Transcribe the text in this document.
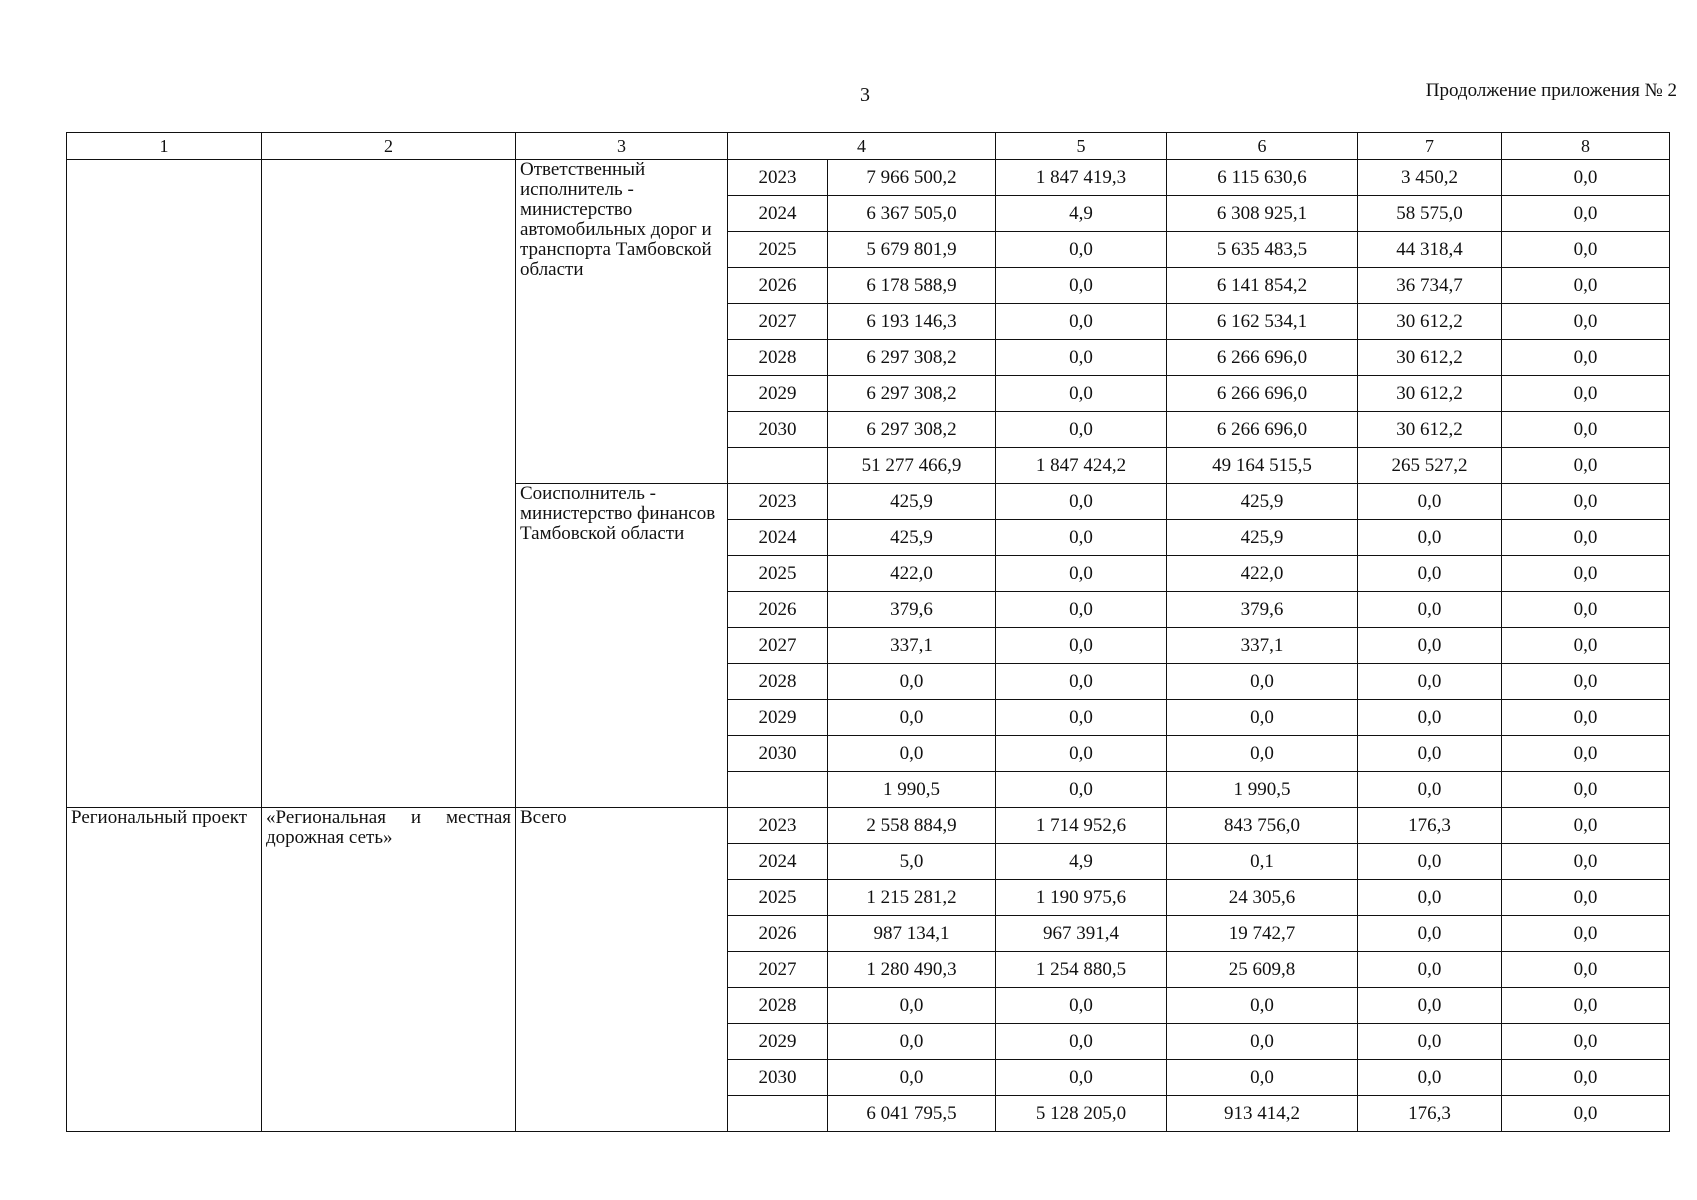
3	Продолжение приложения № 2
1	2	3	4		5	6	7	8
		Ответственный исполнитель - министерство автомобильных дорог и транспорта Тамбовской области	2023	7 966 500,2	1 847 419,3	6 115 630,6	3 450,2	0,0
			2024	6 367 505,0	4,9	6 308 925,1	58 575,0	0,0
			2025	5 679 801,9	0,0	5 635 483,5	44 318,4	0,0
			2026	6 178 588,9	0,0	6 141 854,2	36 734,7	0,0
			2027	6 193 146,3	0,0	6 162 534,1	30 612,2	0,0
			2028	6 297 308,2	0,0	6 266 696,0	30 612,2	0,0
			2029	6 297 308,2	0,0	6 266 696,0	30 612,2	0,0
			2030	6 297 308,2	0,0	6 266 696,0	30 612,2	0,0
				51 277 466,9	1 847 424,2	49 164 515,5	265 527,2	0,0
		Соисполнитель - министерство финансов Тамбовской области	2023	425,9	0,0	425,9	0,0	0,0
			2024	425,9	0,0	425,9	0,0	0,0
			2025	422,0	0,0	422,0	0,0	0,0
			2026	379,6	0,0	379,6	0,0	0,0
			2027	337,1	0,0	337,1	0,0	0,0
			2028	0,0	0,0	0,0	0,0	0,0
			2029	0,0	0,0	0,0	0,0	0,0
			2030	0,0	0,0	0,0	0,0	0,0
				1 990,5	0,0	1 990,5	0,0	0,0
Региональный проект	«Региональная и местная дорожная сеть»	Всего	2023	2 558 884,9	1 714 952,6	843 756,0	176,3	0,0
			2024	5,0	4,9	0,1	0,0	0,0
			2025	1 215 281,2	1 190 975,6	24 305,6	0,0	0,0
			2026	987 134,1	967 391,4	19 742,7	0,0	0,0
			2027	1 280 490,3	1 254 880,5	25 609,8	0,0	0,0
			2028	0,0	0,0	0,0	0,0	0,0
			2029	0,0	0,0	0,0	0,0	0,0
			2030	0,0	0,0	0,0	0,0	0,0
				6 041 795,5	5 128 205,0	913 414,2	176,3	0,0
